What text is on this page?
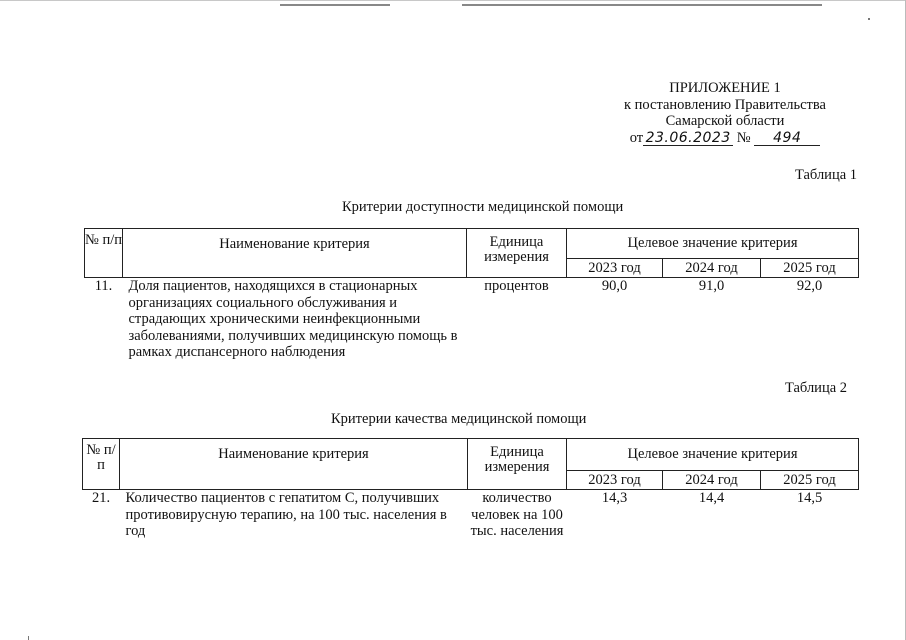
ПРИЛОЖЕНИЕ 1
к постановлению Правительства
Самарской области
от 23.06.2023 № 494
Таблица 1
Критерии доступности медицинской помощи
№ п/п	Наименование критерия	Единица измерения	Целевое значение критерия		
			2023 год	2024 год	2025 год
11.	Доля пациентов, находящихся в стационарных организациях социального обслуживания и страдающих хроническими неинфекционными заболеваниями, получивших медицинскую помощь в рамках диспансерного наблюдения	процентов	90,0	91,0	92,0
Таблица 2
Критерии качества медицинской помощи
№ п/п	Наименование критерия	Единица измерения	Целевое значение критерия		
			2023 год	2024 год	2025 год
21.	Количество пациентов с гепатитом С, получивших противовирусную терапию, на 100 тыс. населения в год	количество человек на 100 тыс. населения	14,3	14,4	14,5
